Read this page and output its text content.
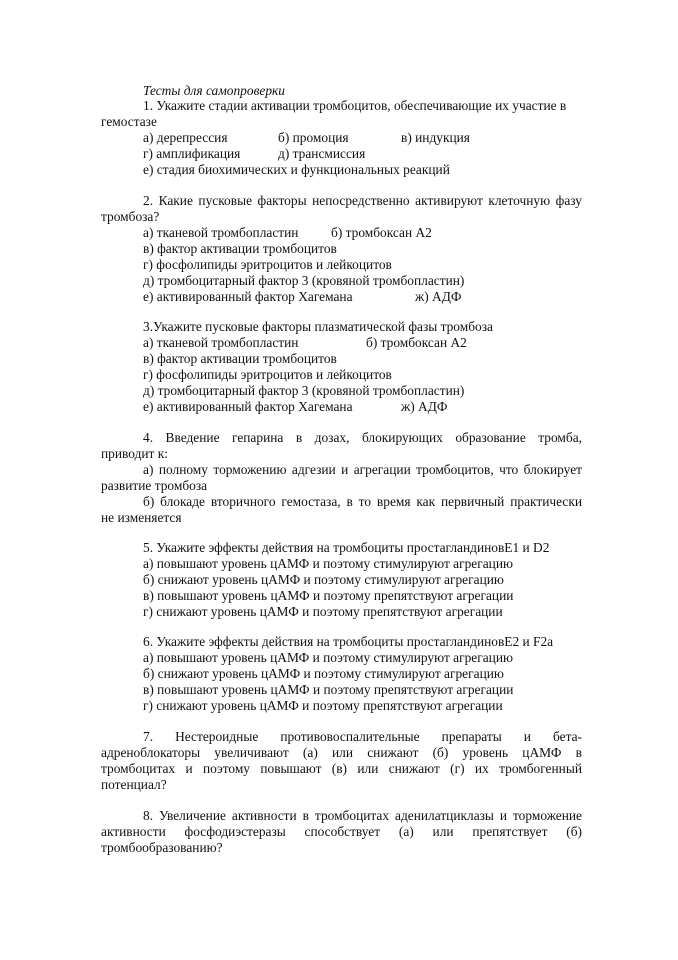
Тесты для самопроверки
1. Укажите стадии активации тромбоцитов, обеспечивающие их участие в
гемостазе
а) дерепрессия	б) промоция	в) индукция
г) амплификация	д) трансмиссия
е) стадия биохимических и функциональных реакций
2. Какие пусковые факторы непосредственно активируют клеточную фазу
тромбоза?
а) тканевой тромбопластин б) тромбоксан А2
в) фактор активации тромбоцитов
г) фосфолипиды эритроцитов и лейкоцитов
д) тромбоцитарный фактор 3 (кровяной тромбопластин)
е) активированный фактор Хагемана	ж) АДФ
3.Укажите пусковые факторы плазматической фазы тромбоза
а) тканевой тромбопластин	б) тромбоксан А2
в) фактор активации тромбоцитов
г) фосфолипиды эритроцитов и лейкоцитов
д) тромбоцитарный фактор 3 (кровяной тромбопластин)
е) активированный фактор Хагемана	ж) АДФ
4. Введение гепарина в дозах, блокирующих образование тромба,
приводит к:
а) полному торможению адгезии и агрегации тромбоцитов, что блокирует
развитие тромбоза
б) блокаде вторичного гемостаза, в то время как первичный практически
не изменяется
5. Укажите эффекты действия на тромбоциты простагландиновЕ1 и D2
а) повышают уровень цАМФ и поэтому стимулируют агрегацию
б) снижают уровень цАМФ и поэтому стимулируют агрегацию
в) повышают уровень цАМФ и поэтому препятствуют агрегации
г) снижают уровень цАМФ и поэтому препятствуют агрегации
6. Укажите эффекты действия на тромбоциты простагландиновЕ2 и F2a
а) повышают уровень цАМФ и поэтому стимулируют агрегацию
б) снижают уровень цАМФ и поэтому стимулируют агрегацию
в) повышают уровень цАМФ и поэтому препятствуют агрегации
г) снижают уровень цАМФ и поэтому препятствуют агрегации
7. Нестероидные противовоспалительные препараты и бета-
адреноблокаторы увеличивают (а) или снижают (б) уровень цАМФ в
тромбоцитах и поэтому повышают (в) или снижают (г) их тромбогенный
потенциал?
8. Увеличение активности в тромбоцитах аденилатциклазы и торможение
активности фосфодиэстеразы способствует (а) или препятствует (б)
тромбообразованию?
